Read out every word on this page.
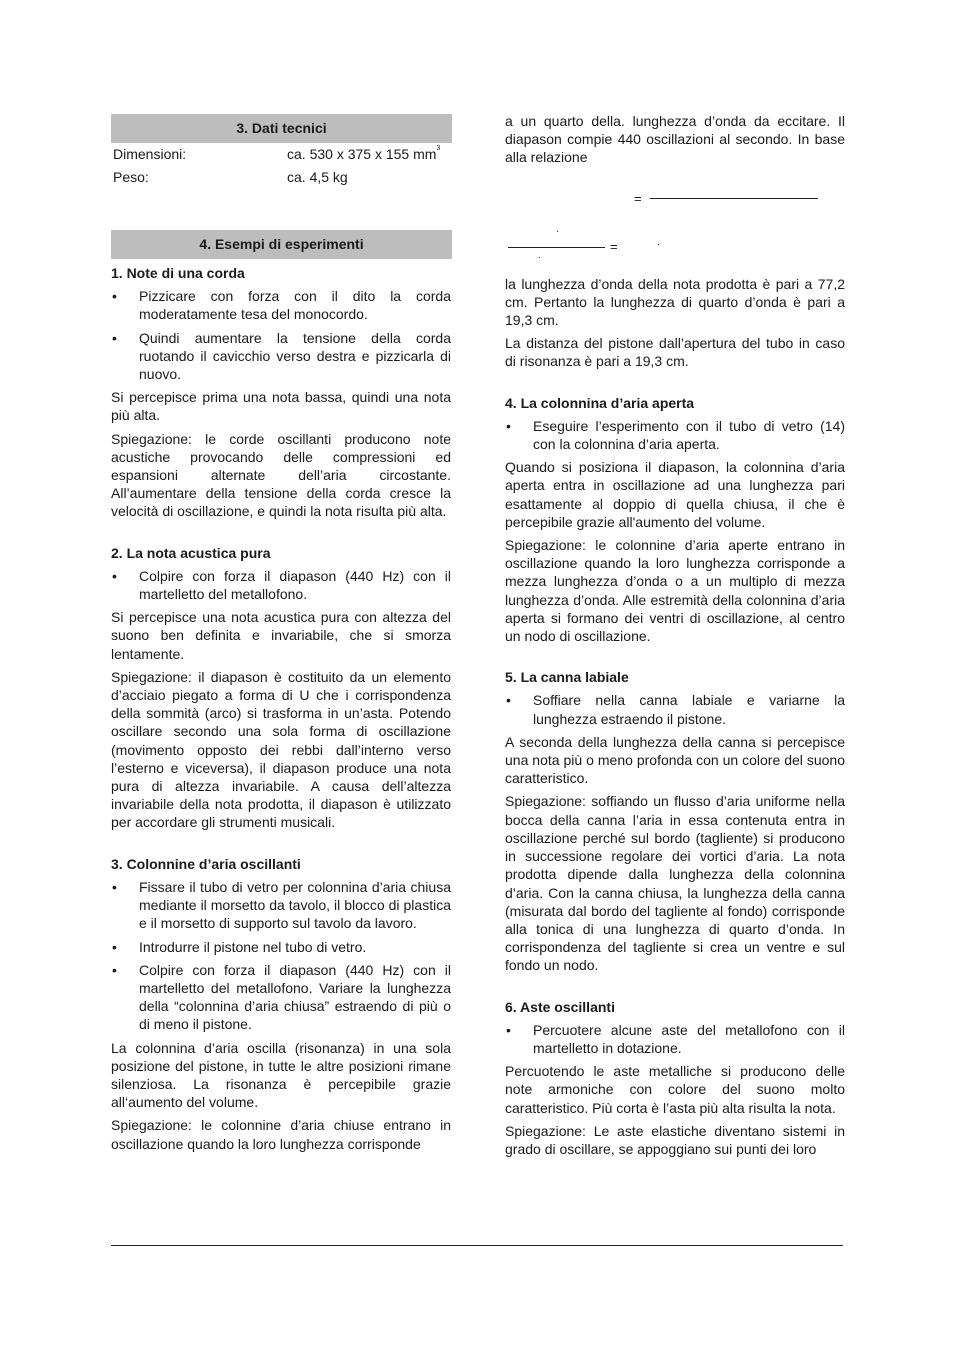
3. Dati tecnici
Dimensioni:	ca. 530 x 375 x 155 $mm^3$
Peso:	ca. 4,5 kg
4. Esempi di esperimenti
1. Note di una corda
• Pizzicare con forza con il dito la corda moderatamente tesa del monocordo.
• Quindi aumentare la tensione della corda ruotando il cavicchio verso destra e pizzicarla di nuovo.

Si percepisce prima una nota bassa, quindi una nota più alta.

Spiegazione: le corde oscillanti producono note acustiche provocando delle compressioni ed espansioni alternate dell’aria circostante. All’aumentare della tensione della corda cresce la velocità di oscillazione, e quindi la nota risulta più alta.

2. La nota acustica pura
• Colpire con forza il diapason (440 Hz) con il martelletto del metallofono.

Si percepisce una nota acustica pura con altezza del suono ben definita e invariabile, che si smorza lentamente.

Spiegazione: il diapason è costituito da un elemento d’acciaio piegato a forma di U che i corrispondenza della sommità (arco) si trasforma in un’asta. Potendo oscillare secondo una sola forma di oscillazione (movimento opposto dei rebbi dall’interno verso l’esterno e viceversa), il diapason produce una nota pura di altezza invariabile. A causa dell’altezza invariabile della nota prodotta, il diapason è utilizzato per accordare gli strumenti musicali.

3. Colonnine d’aria oscillanti
• Fissare il tubo di vetro per colonnina d’aria chiusa mediante il morsetto da tavolo, il blocco di plastica e il morsetto di supporto sul tavolo da lavoro.
• Introdurre il pistone nel tubo di vetro.
• Colpire con forza il diapason (440 Hz) con il martelletto del metallofono. Variare la lunghezza della “colonnina d’aria chiusa” estraendo di più o di meno il pistone.

La colonnina d’aria oscilla (risonanza) in una sola posizione del pistone, in tutte le altre posizioni rimane silenziosa. La risonanza è percepibile grazie all‘aumento del volume.

Spiegazione: le colonnine d’aria chiuse entrano in oscillazione quando la loro lunghezza corrisponde

a un quarto della. lunghezza d’onda da eccitare. Il diapason compie 440 oscillazioni al secondo. In base alla relazione

=
.
=	.
.

la lunghezza d’onda della nota prodotta è pari a 77,2 cm. Pertanto la lunghezza di quarto d’onda è pari a 19,3 cm.

La distanza del pistone dall’apertura del tubo in caso di risonanza è pari a 19,3 cm.

4. La colonnina d’aria aperta
• Eseguire l’esperimento con il tubo di vetro (14) con la colonnina d’aria aperta.

Quando si posiziona il diapason, la colonnina d’aria aperta entra in oscillazione ad una lunghezza pari esattamente al doppio di quella chiusa, il che è percepibile grazie all'aumento del volume.

Spiegazione: le colonnine d’aria aperte entrano in oscillazione quando la loro lunghezza corrisponde a mezza lunghezza d’onda o a un multiplo di mezza lunghezza d’onda. Alle estremità della colonnina d’aria aperta si formano dei ventri di oscillazione, al centro un nodo di oscillazione.

5. La canna labiale
• Soffiare nella canna labiale e variarne la lunghezza estraendo il pistone.

A seconda della lunghezza della canna si percepisce una nota più o meno profonda con un colore del suono caratteristico.

Spiegazione: soffiando un flusso d’aria uniforme nella bocca della canna l’aria in essa contenuta entra in oscillazione perché sul bordo (tagliente) si producono in successione regolare dei vortici d’aria. La nota prodotta dipende dalla lunghezza della colonnina d’aria. Con la canna chiusa, la lunghezza della canna (misurata dal bordo del tagliente al fondo) corrisponde alla tonica di una lunghezza di quarto d’onda. In corrispondenza del tagliente si crea un ventre e sul fondo un nodo.

6. Aste oscillanti
• Percuotere alcune aste del metallofono con il martelletto in dotazione.

Percuotendo le aste metalliche si producono delle note armoniche con colore del suono molto caratteristico. Più corta è l’asta più alta risulta la nota.

Spiegazione: Le aste elastiche diventano sistemi in grado di oscillare, se appoggiano sui punti dei loro
